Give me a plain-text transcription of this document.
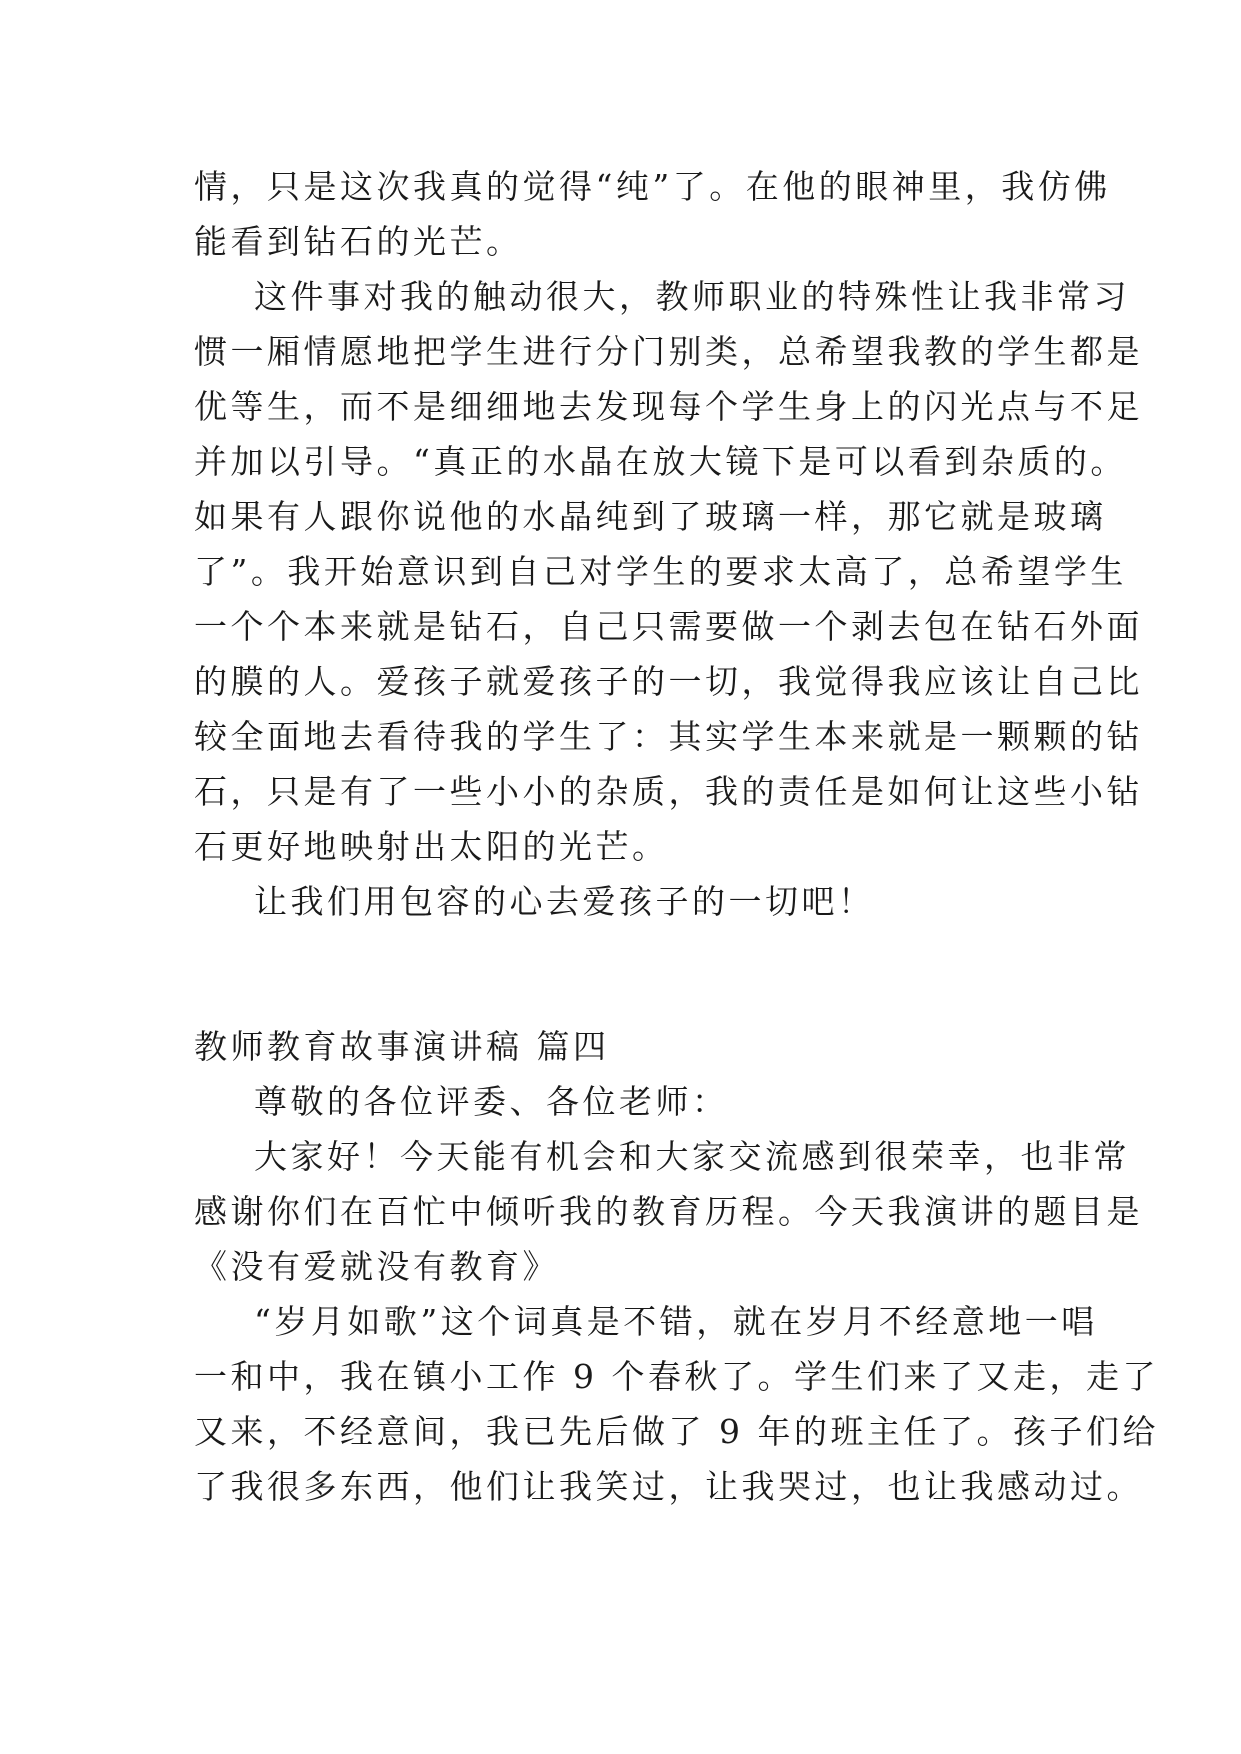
情，只是这次我真的觉得“纯”了。在他的眼神里，我仿佛
能看到钻石的光芒。
这件事对我的触动很大，教师职业的特殊性让我非常习
惯一厢情愿地把学生进行分门别类，总希望我教的学生都是
优等生，而不是细细地去发现每个学生身上的闪光点与不足
并加以引导。“真正的水晶在放大镜下是可以看到杂质的。
如果有人跟你说他的水晶纯到了玻璃一样，那它就是玻璃
了”。我开始意识到自己对学生的要求太高了，总希望学生
一个个本来就是钻石，自己只需要做一个剥去包在钻石外面
的膜的人。爱孩子就爱孩子的一切，我觉得我应该让自己比
较全面地去看待我的学生了：其实学生本来就是一颗颗的钻
石，只是有了一些小小的杂质，我的责任是如何让这些小钻
石更好地映射出太阳的光芒。
让我们用包容的心去爱孩子的一切吧！
教师教育故事演讲稿 篇四
尊敬的各位评委、各位老师：
大家好！今天能有机会和大家交流感到很荣幸，也非常
感谢你们在百忙中倾听我的教育历程。今天我演讲的题目是
《没有爱就没有教育》
“岁月如歌”这个词真是不错，就在岁月不经意地一唱
一和中，我在镇小工作 9 个春秋了。学生们来了又走，走了
又来，不经意间，我已先后做了 9 年的班主任了。孩子们给
了我很多东西，他们让我笑过，让我哭过，也让我感动过。
